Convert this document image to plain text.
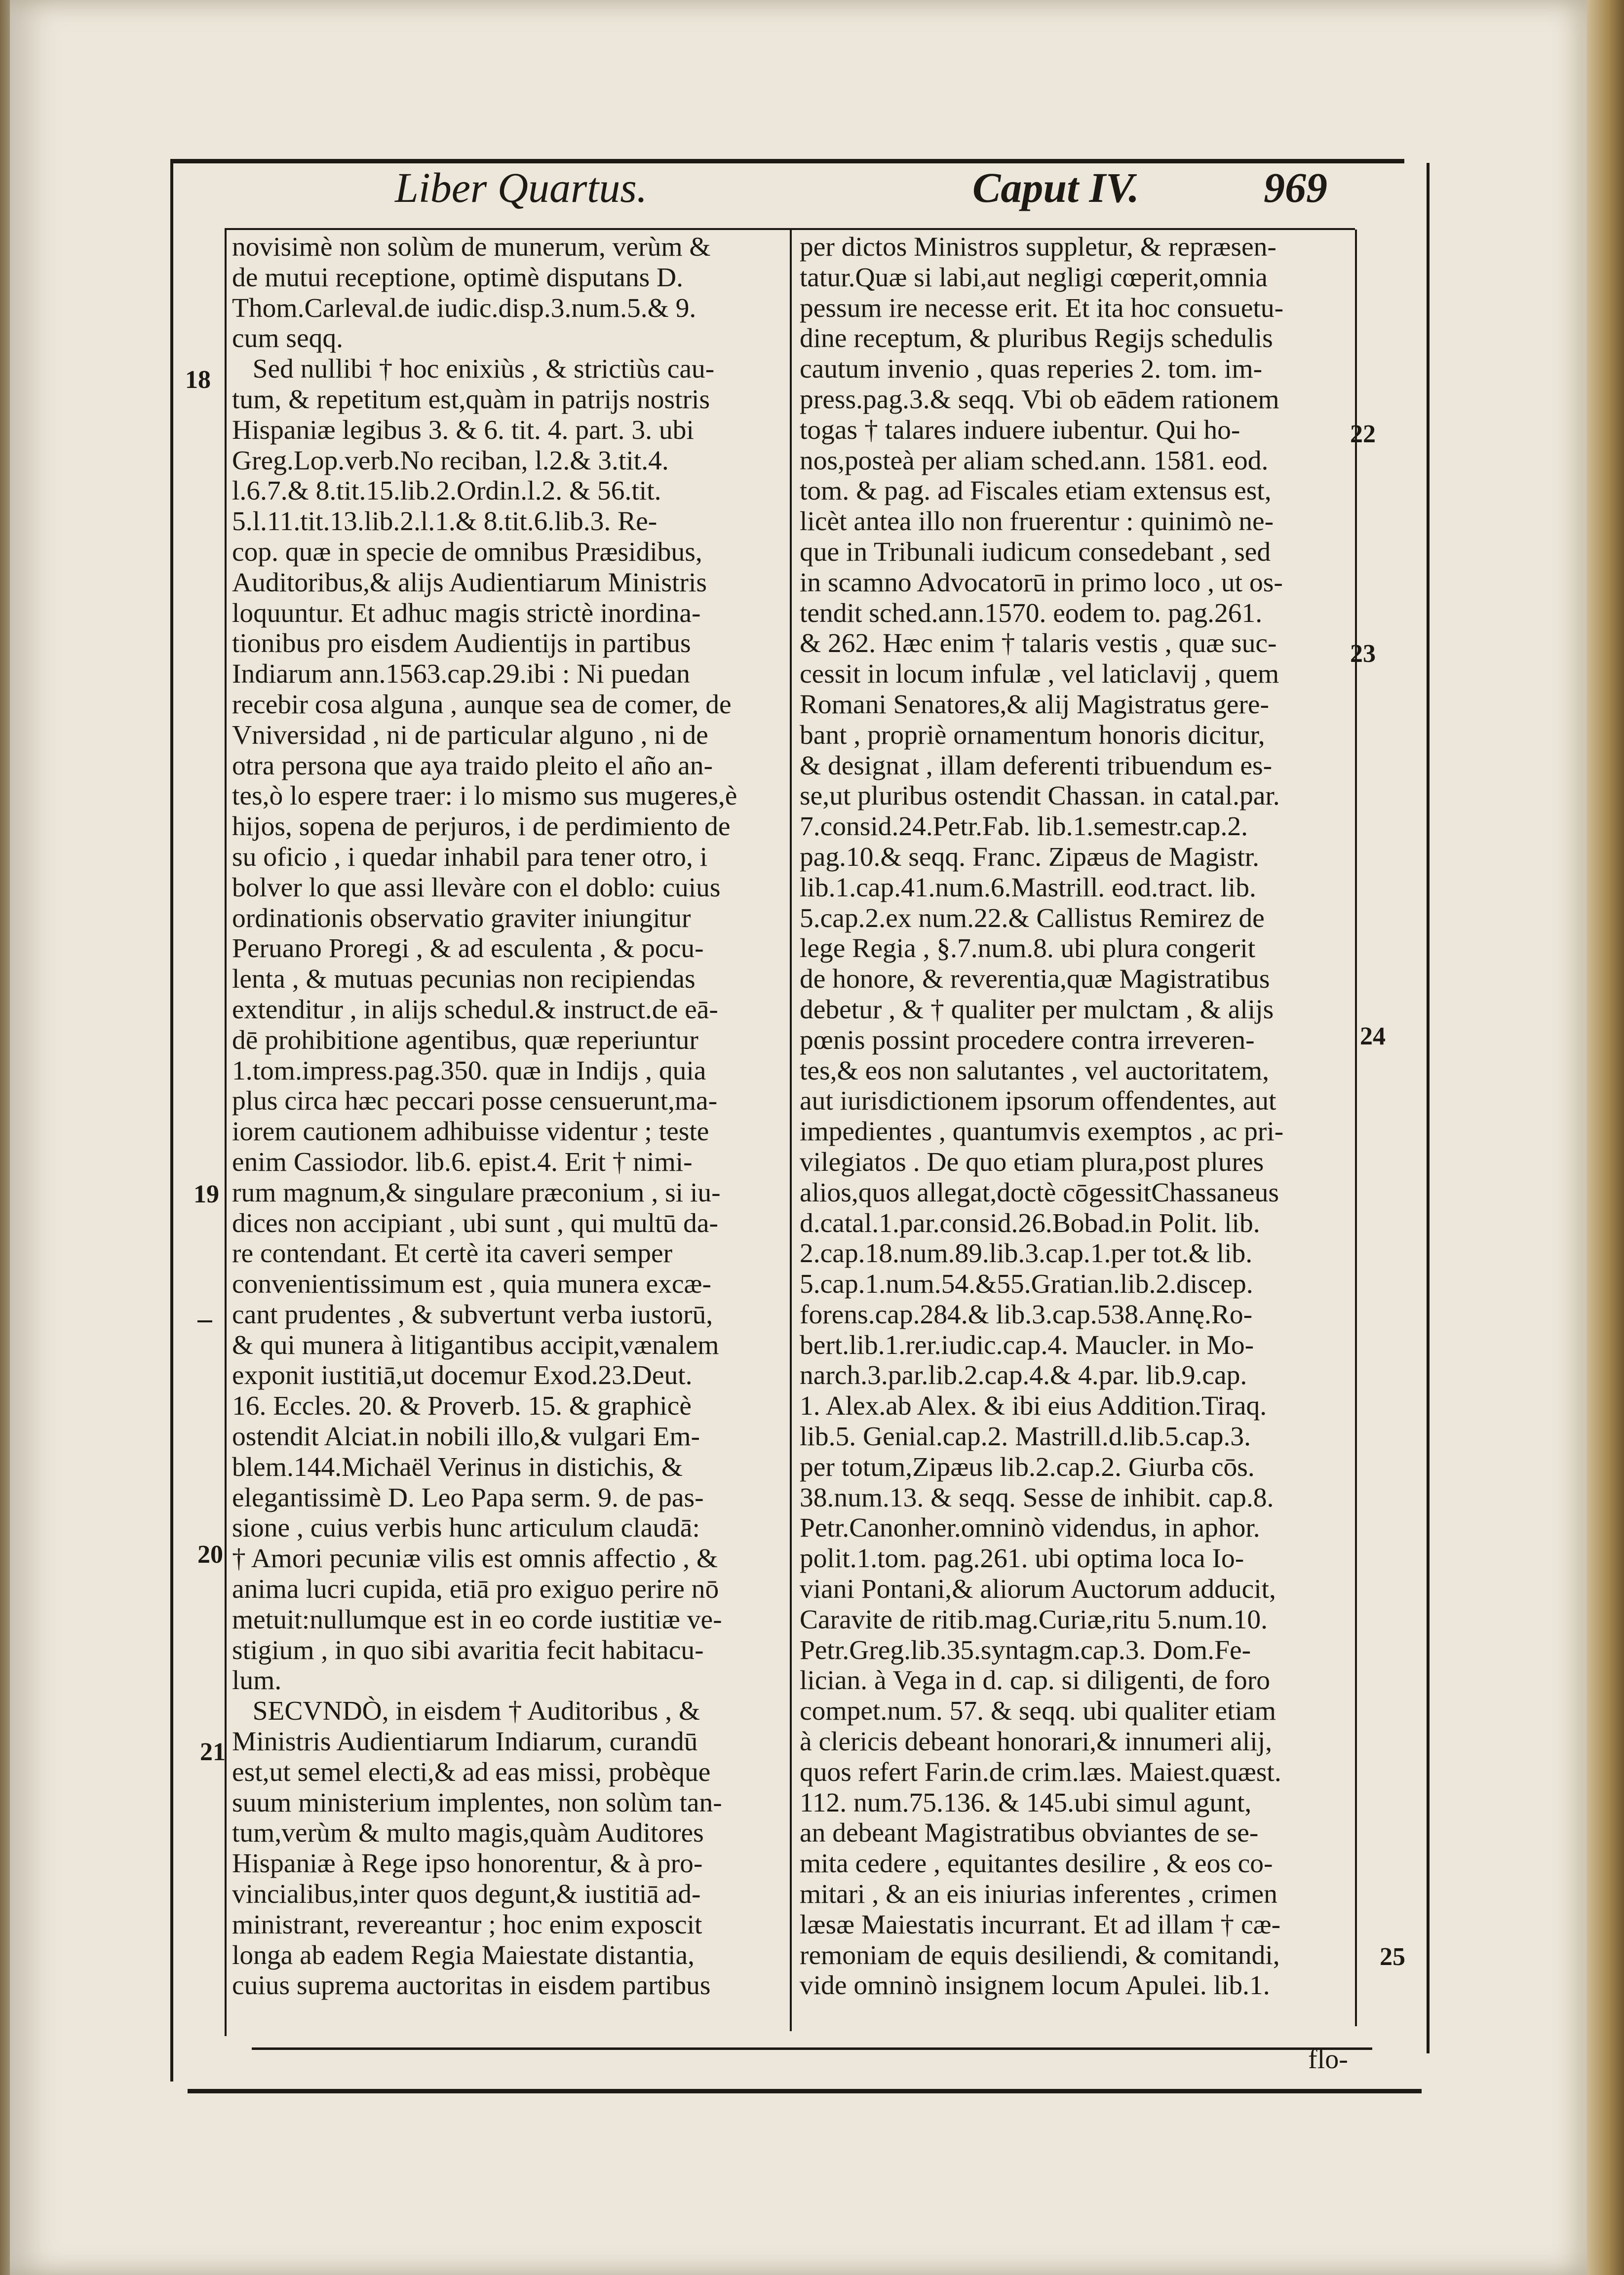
Liber Quartus.	Caput IV.	969
novisimè non solùm de munerum, verùm &
de mutui receptione, optimè disputans D.
Thom.Carleval.de iudic.disp.3.num.5.& 9.
cum seqq.
Sed nullibi † hoc enixiùs , & strictiùs cau-
tum, & repetitum est,quàm in patrijs nostris
Hispaniæ legibus 3. & 6. tit. 4. part. 3. ubi
Greg.Lop.verb.No reciban, l.2.& 3.tit.4.
l.6.7.& 8.tit.15.lib.2.Ordin.l.2. & 56.tit.
5.l.11.tit.13.lib.2.l.1.& 8.tit.6.lib.3. Re-
cop. quæ in specie de omnibus Præsidibus,
Auditoribus,& alijs Audientiarum Ministris
loquuntur. Et adhuc magis strictè inordina-
tionibus pro eisdem Audientijs in partibus
Indiarum ann.1563.cap.29.ibi : Ni puedan
recebir cosa alguna , aunque sea de comer, de
Vniversidad , ni de particular alguno , ni de
otra persona que aya traido pleito el año an-
tes,ò lo espere traer: i lo mismo sus mugeres,è
hijos, sopena de perjuros, i de perdimiento de
su oficio , i quedar inhabil para tener otro, i
bolver lo que assi llevàre con el doblo: cuius
ordinationis observatio graviter iniungitur
Peruano Proregi , & ad esculenta , & pocu-
lenta , & mutuas pecunias non recipiendas
extenditur , in alijs schedul.& instruct.de eā-
dē prohibitione agentibus, quæ reperiuntur
1.tom.impress.pag.350. quæ in Indijs , quia
plus circa hæc peccari posse censuerunt,ma-
iorem cautionem adhibuisse videntur ; teste
enim Cassiodor. lib.6. epist.4. Erit † nimi-
rum magnum,& singulare præconium , si iu-
dices non accipiant , ubi sunt , qui multū da-
re contendant. Et certè ita caveri semper
convenientissimum est , quia munera excæ-
cant prudentes , & subvertunt verba iustorū,
& qui munera à litigantibus accipit,vænalem
exponit iustitiā,ut docemur Exod.23.Deut.
16. Eccles. 20. & Proverb. 15. & graphicè
ostendit Alciat.in nobili illo,& vulgari Em-
blem.144.Michaël Verinus in distichis, &
elegantissimè D. Leo Papa serm. 9. de pas-
sione , cuius verbis hunc articulum claudā:
† Amori pecuniæ vilis est omnis affectio , &
anima lucri cupida, etiā pro exiguo perire nō
metuit:nullumque est in eo corde iustitiæ ve-
stigium , in quo sibi avaritia fecit habitacu-
lum.
SECVNDÒ, in eisdem † Auditoribus , &
Ministris Audientiarum Indiarum, curandū
est,ut semel electi,& ad eas missi, probèque
suum ministerium implentes, non solùm tan-
tum,verùm & multo magis,quàm Auditores
Hispaniæ à Rege ipso honorentur, & à pro-
vincialibus,inter quos degunt,& iustitiā ad-
ministrant, revereantur ; hoc enim exposcit
longa ab eadem Regia Maiestate distantia,
cuius suprema auctoritas in eisdem partibus
per dictos Ministros suppletur, & repræsen-
tatur.Quæ si labi,aut negligi cœperit,omnia
pessum ire necesse erit. Et ita hoc consuetu-
dine receptum, & pluribus Regijs schedulis
cautum invenio , quas reperies 2. tom. im-
press.pag.3.& seqq. Vbi ob eādem rationem
togas † talares induere iubentur. Qui ho-
nos,posteà per aliam sched.ann. 1581. eod.
tom. & pag. ad Fiscales etiam extensus est,
licèt antea illo non fruerentur : quinimò ne-
que in Tribunali iudicum consedebant , sed
in scamno Advocatorū in primo loco , ut os-
tendit sched.ann.1570. eodem to. pag.261.
& 262. Hæc enim † talaris vestis , quæ suc-
cessit in locum infulæ , vel laticlavij , quem
Romani Senatores,& alij Magistratus gere-
bant , propriè ornamentum honoris dicitur,
& designat , illam deferenti tribuendum es-
se,ut pluribus ostendit Chassan. in catal.par.
7.consid.24.Petr.Fab. lib.1.semestr.cap.2.
pag.10.& seqq. Franc. Zipæus de Magistr.
lib.1.cap.41.num.6.Mastrill. eod.tract. lib.
5.cap.2.ex num.22.& Callistus Remirez de
lege Regia , §.7.num.8. ubi plura congerit
de honore, & reverentia,quæ Magistratibus
debetur , & † qualiter per mulctam , & alijs
pœnis possint procedere contra irreveren-
tes,& eos non salutantes , vel auctoritatem,
aut iurisdictionem ipsorum offendentes, aut
impedientes , quantumvis exemptos , ac pri-
vilegiatos . De quo etiam plura,post plures
alios,quos allegat,doctè cōgessitChassaneus
d.catal.1.par.consid.26.Bobad.in Polit. lib.
2.cap.18.num.89.lib.3.cap.1.per tot.& lib.
5.cap.1.num.54.&55.Gratian.lib.2.discep.
forens.cap.284.& lib.3.cap.538.Annę.Ro-
bert.lib.1.rer.iudic.cap.4. Maucler. in Mo-
narch.3.par.lib.2.cap.4.& 4.par. lib.9.cap.
1. Alex.ab Alex. & ibi eius Addition.Tiraq.
lib.5. Genial.cap.2. Mastrill.d.lib.5.cap.3.
per totum,Zipæus lib.2.cap.2. Giurba cōs.
38.num.13. & seqq. Sesse de inhibit. cap.8.
Petr.Canonher.omninò videndus, in aphor.
polit.1.tom. pag.261. ubi optima loca Io-
viani Pontani,& aliorum Auctorum adducit,
Caravite de ritib.mag.Curiæ,ritu 5.num.10.
Petr.Greg.lib.35.syntagm.cap.3. Dom.Fe-
lician. à Vega in d. cap. si diligenti, de foro
compet.num. 57. & seqq. ubi qualiter etiam
à clericis debeant honorari,& innumeri alij,
quos refert Farin.de crim.læs. Maiest.quæst.
112. num.75.136. & 145.ubi simul agunt,
an debeant Magistratibus obviantes de se-
mita cedere , equitantes desilire , & eos co-
mitari , & an eis iniurias inferentes , crimen
læsæ Maiestatis incurrant. Et ad illam † cæ-
remoniam de equis desiliendi, & comitandi,
vide omninò insignem locum Apulei. lib.1.
18
19
20
21
22
23
24
25
flo-
